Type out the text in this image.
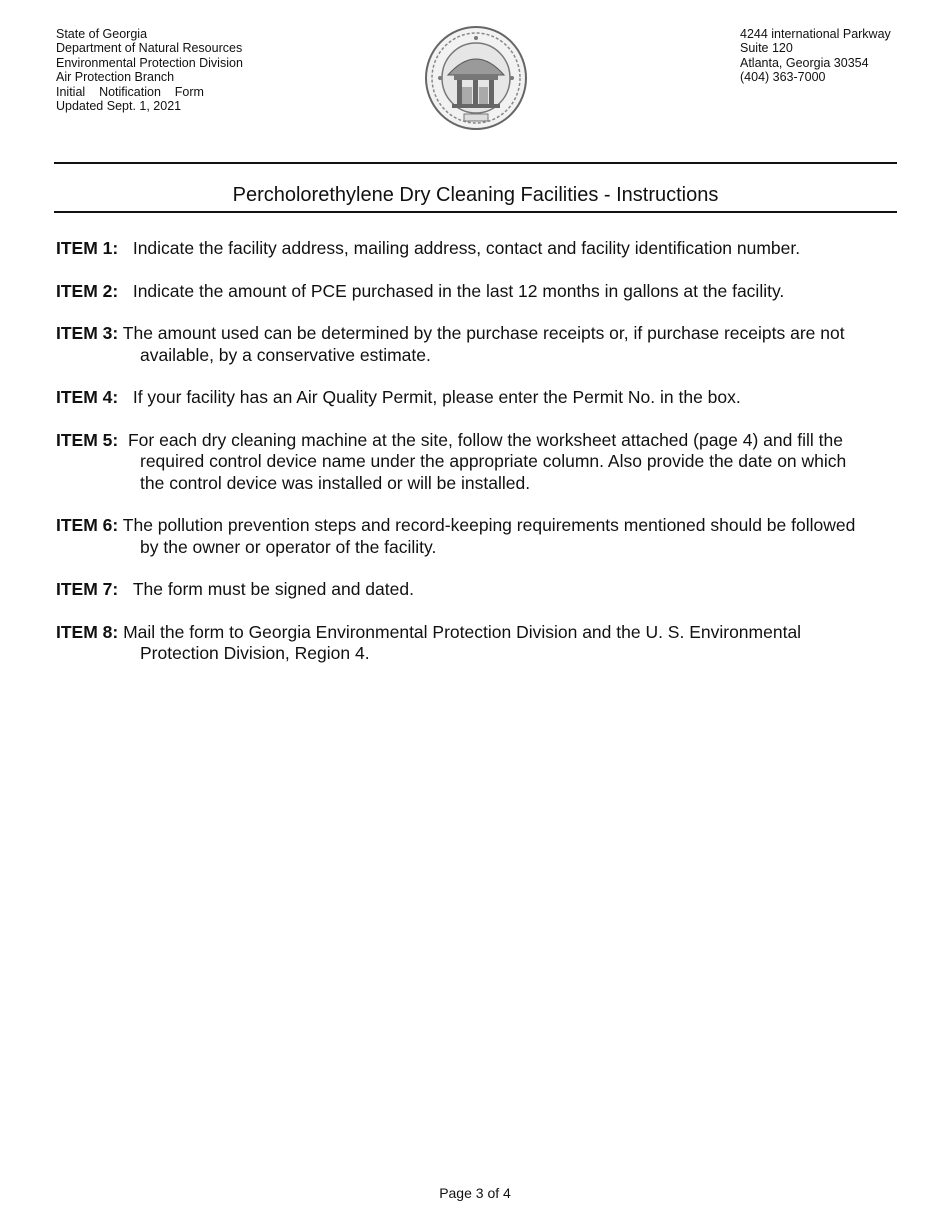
State of Georgia
Department of Natural Resources
Environmental Protection Division
Air Protection Branch
Initial    Notification    Form
Updated Sept. 1, 2021
4244 international Parkway
Suite 120
Atlanta, Georgia 30354
(404) 363-7000
Percholorethylene Dry Cleaning Facilities - Instructions
ITEM 1: Indicate the facility address, mailing address, contact and facility identification number.
ITEM 2: Indicate the amount of PCE purchased in the last 12 months in gallons at the facility.
ITEM 3: The amount used can be determined by the purchase receipts or, if purchase receipts are not
available, by a conservative estimate.
ITEM 4: If your facility has an Air Quality Permit, please enter the Permit No. in the box.
ITEM 5: For each dry cleaning machine at the site, follow the worksheet attached (page 4) and fill the
required control device name under the appropriate column. Also provide the date on which
the control device was installed or will be installed.
ITEM 6: The pollution prevention steps and record-keeping requirements mentioned should be followed
by the owner or operator of the facility.
ITEM 7: The form must be signed and dated.
ITEM 8: Mail the form to Georgia Environmental Protection Division and the U. S. Environmental
Protection Division, Region 4.
Page 3 of 4
